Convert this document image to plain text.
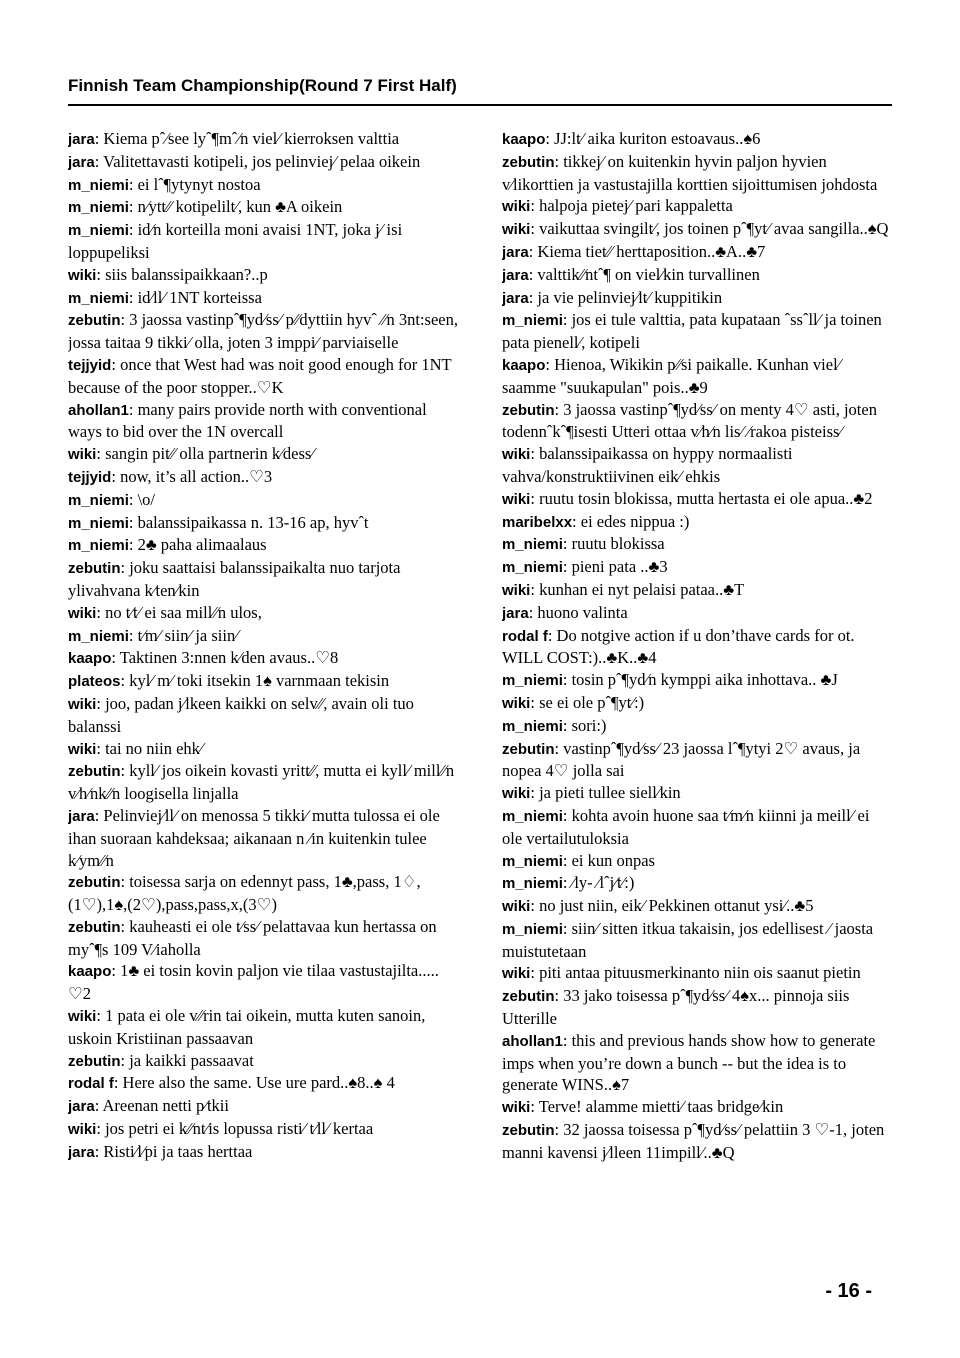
Finnish Team Championship(Round 7 First Half)

jara: Kiema pˆ⁄see lyˆ¶mˆ⁄n viel⁄ kierroksen valttia

jara: Valitettavasti kotipeli, jos pelinviej⁄ pelaa oikein

m_niemi: ei lˆ¶ytynyt nostoa

m_niemi: n⁄ytt⁄⁄ kotipelilt⁄, kun ♣A oikein

m_niemi: id⁄n korteilla moni avaisi 1NT, joka j⁄ isi loppupeliksi

wiki: siis balanssipaikkaan?..p

m_niemi: id⁄ll⁄ 1NT korteissa

zebutin: 3 jaossa vastinpˆ¶yd⁄ss⁄ p⁄⁄dyttiin hyvˆ ⁄⁄n 3nt:seen, jossa taitaa 9 tikki⁄ olla, joten 3 imppi⁄ parviaiselle

tejjyid: once that West had was noit good enough for 1NT because of the poor stopper..♡K

ahollan1: many pairs provide north with conventional ways to bid over the 1N overcall

wiki: sangin pit⁄⁄ olla partnerin k⁄dess⁄

tejjyid: now, it’s all action..♡3

m_niemi: \o/

m_niemi: balanssipaikassa n. 13-16 ap, hyvˆt

m_niemi: 2♣ paha alimaalaus

zebutin: joku saattaisi balanssipaikalta nuo tarjota ylivahvana k⁄ten⁄kin

wiki: no t⁄t⁄ ei saa mill⁄⁄n ulos,

m_niemi: t⁄m⁄ siin⁄ ja siin⁄

kaapo: Taktinen 3:nnen k⁄den avaus..♡8

plateos: kyl⁄ m⁄ toki itsekin 1♠ varnmaan tekisin

wiki: joo, padan j⁄lkeen kaikki on selv⁄⁄, avain oli tuo balanssi

wiki: tai no niin ehk⁄

zebutin: kyll⁄ jos oikein kovasti yritt⁄⁄, mutta ei kyll⁄ mill⁄⁄n v⁄h⁄nk⁄⁄n loogisella linjalla

jara: Pelinviej⁄ll⁄ on menossa 5 tikki⁄ mutta tulossa ei ole ihan suoraan kahdeksaa; aikanaan n ⁄in kuitenkin tulee k⁄ym⁄⁄n

zebutin: toisessa sarja on edennyt pass, 1♣,pass, 1♢,(1♡),1♠,(2♡),pass,pass,x,(3♡)

zebutin: kauheasti ei ole t⁄ss⁄ pelattavaa kun hertassa on myˆ¶s 109 V⁄iaholla

kaapo: 1♣ ei tosin kovin paljon vie tilaa vastustajilta..... ♡2

wiki: 1 pata ei ole v⁄⁄rin tai oikein, mutta kuten sanoin, uskoin Kristiinan passaavan

zebutin: ja kaikki passaavat

rodal f: Here also the same. Use ure pard..♠8..♠ 4

jara: Areenan netti p⁄tkii

wiki: jos petri ei k⁄⁄nt⁄is lopussa risti⁄ t⁄ll⁄ kertaa

jara: Risti⁄l⁄pi ja taas herttaa

kaapo: JJ:lt⁄ aika kuriton estoavaus..♠6

zebutin: tikkej⁄ on kuitenkin hyvin paljon hyvien v⁄likorttien ja vastustajilla korttien sijoittumisen johdosta

wiki: halpoja pietej⁄ pari kappaletta

wiki: vaikuttaa svingilt⁄, jos toinen pˆ¶yt⁄ avaa sangilla..♠Q

jara: Kiema tiet⁄⁄ herttaposition..♣A..♣7

jara: valttik⁄⁄ntˆ¶ on viel⁄kin turvallinen

jara: ja vie pelinviej⁄lt⁄ kuppitikin

m_niemi: jos ei tule valttia, pata kupataan ˆssˆll⁄ ja toinen pata pienell⁄, kotipeli

kaapo: Hienoa, Wikikin p⁄⁄si paikalle. Kunhan viel⁄ saamme "suukapulan" pois..♣9

zebutin: 3 jaossa vastinpˆ¶yd⁄ss⁄ on menty 4♡ asti, joten todennˆkˆ¶isesti Utteri ottaa v⁄h⁄n lis⁄ ⁄rakoa pisteiss⁄

wiki: balanssipaikassa on hyppy normaalisti vahva/konstruktiivinen eik⁄ ehkis

wiki: ruutu tosin blokissa, mutta hertasta ei ole apua..♣2

maribelxx: ei edes nippua :)

m_niemi: ruutu blokissa

m_niemi: pieni pata ..♣3

wiki: kunhan ei nyt pelaisi pataa..♣T

jara: huono valinta

rodal f: Do notgive action if u don’thave cards for ot. WILL COST:)..♣K..♣4

m_niemi: tosin pˆ¶yd⁄n kymppi aika inhottava.. ♣J

wiki: se ei ole pˆ¶yt⁄:)

m_niemi: sori:)

zebutin: vastinpˆ¶yd⁄ss⁄ 23 jaossa lˆ¶ytyi 2♡ avaus, ja nopea 4♡ jolla sai

wiki: ja pieti tullee siell⁄kin

m_niemi: kohta avoin huone saa t⁄m⁄n kiinni ja meill⁄ ei ole vertailutuloksia

m_niemi: ei kun onpas

m_niemi: ⁄ly- ⁄lˆj⁄t⁄:)

wiki: no just niin, eik⁄ Pekkinen ottanut ysi⁄..♣5

m_niemi: siin⁄ sitten itkua takaisin, jos edellisest ⁄ jaosta muistutetaan

wiki: piti antaa pituusmerkinanto niin ois saanut pietin

zebutin: 33 jako toisessa pˆ¶yd⁄ss⁄ 4♠x... pinnoja siis Utterille

ahollan1: this and previous hands show how to generate imps when you’re down a bunch -- but the idea is to generate WINS..♠7

wiki: Terve! alamme mietti⁄ taas bridge⁄kin

zebutin: 32 jaossa toisessa pˆ¶yd⁄ss⁄ pelattiin 3 ♡-1, joten manni kavensi j⁄lleen 11impill⁄..♣Q

- 16 -
